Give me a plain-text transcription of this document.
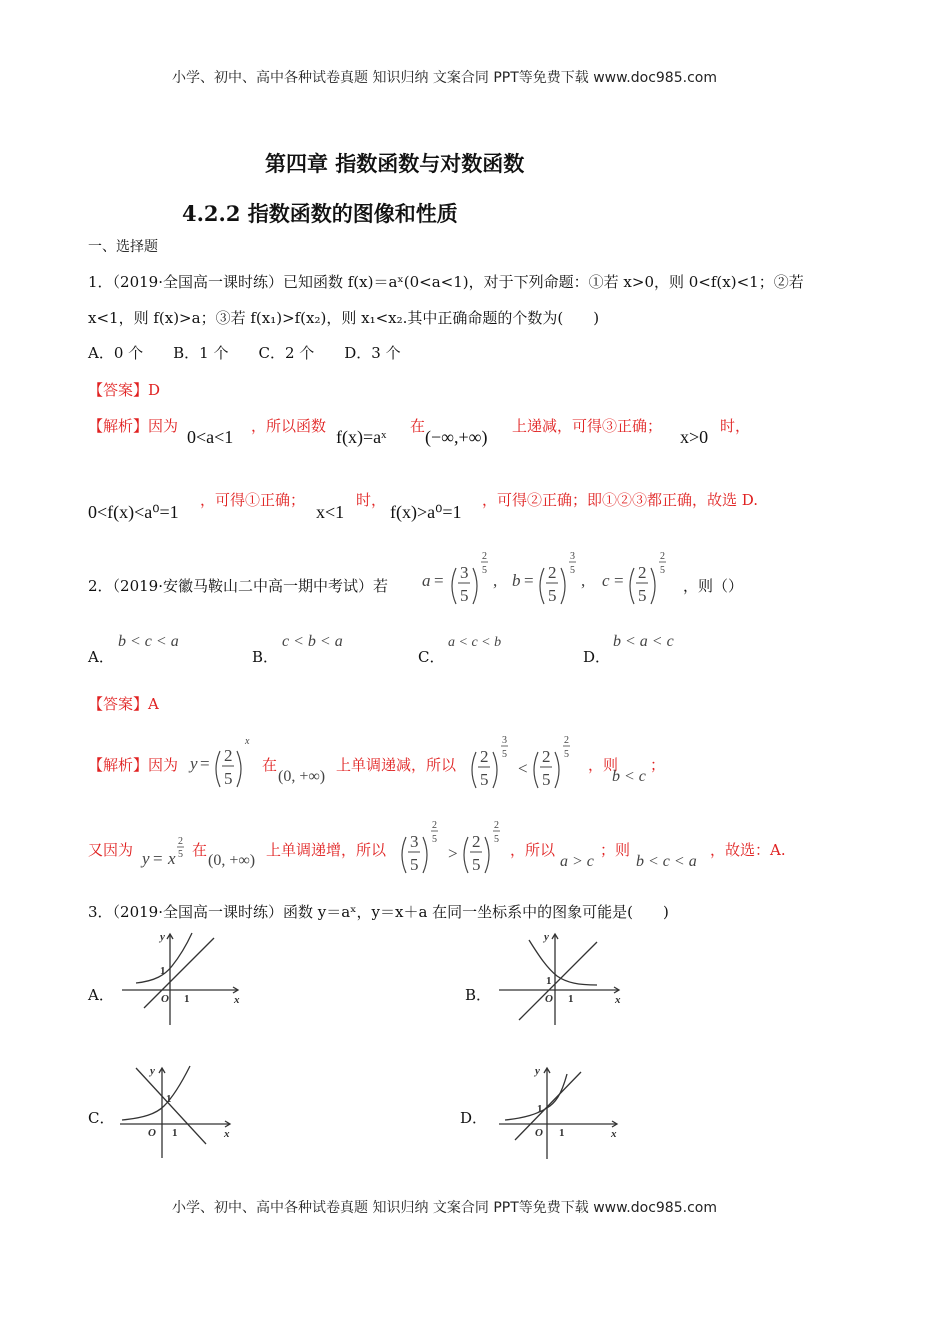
小学、初中、高中各种试卷真题 知识归纳 文案合同 PPT等免费下载 www.doc985.com
第四章 指数函数与对数函数
4.2.2 指数函数的图像和性质
一、选择题
1．（2019·全国高一课时练）已知函数 f(x)＝aˣ(0<a<1)，对于下列命题：①若 x>0，则 0<f(x)<1；②若
x<1，则 f(x)>a；③若 f(x₁)>f(x₂)，则 x₁<x₂.其中正确命题的个数为(　　)
A．0 个　　B．1 个　　C．2 个　　D．3 个
【答案】D
【解析】因为
0<a<1
，所以函数
f(x)=aˣ
在
(−∞,+∞)
上递减，可得③正确；
x>0
时，
0<f(x)<a⁰=1
，可得①正确；
x<1
时，
f(x)>a⁰=1
，可得②正确；即①②③都正确，故选 D.
2．（2019·安徽马鞍山二中高一期中考试）若 a = 3
5
2
5
, b = 2
5
3
5
, c = 2
5
2
5
，则（）
A．
b < c < a
B．
c < b < a
C．
a < c < b
D．
b < a < c
【答案】A
【解析】因为 y = 2
5
x
在
(0, +∞)
上单调递减，所以 2
5
3
5
<
2
5
2
5
，则
b < c
；
又因为 y = x
2
5 在
(0, +∞)
上单调递增，所以 3
5
2
5
>
2
5
2
5
，所以
a > c
；则
b < c < a
，故选：A.
3．（2019·全国高一课时练）函数 y＝aˣ，y＝x＋a 在同一坐标系中的图象可能是(　　)
A．
y
x
O
1
1	B．
y
x
O
1
1
C．
y
x
O
1
1
D．
y
x
O
1
1
小学、初中、高中各种试卷真题 知识归纳 文案合同 PPT等免费下载 www.doc985.com
